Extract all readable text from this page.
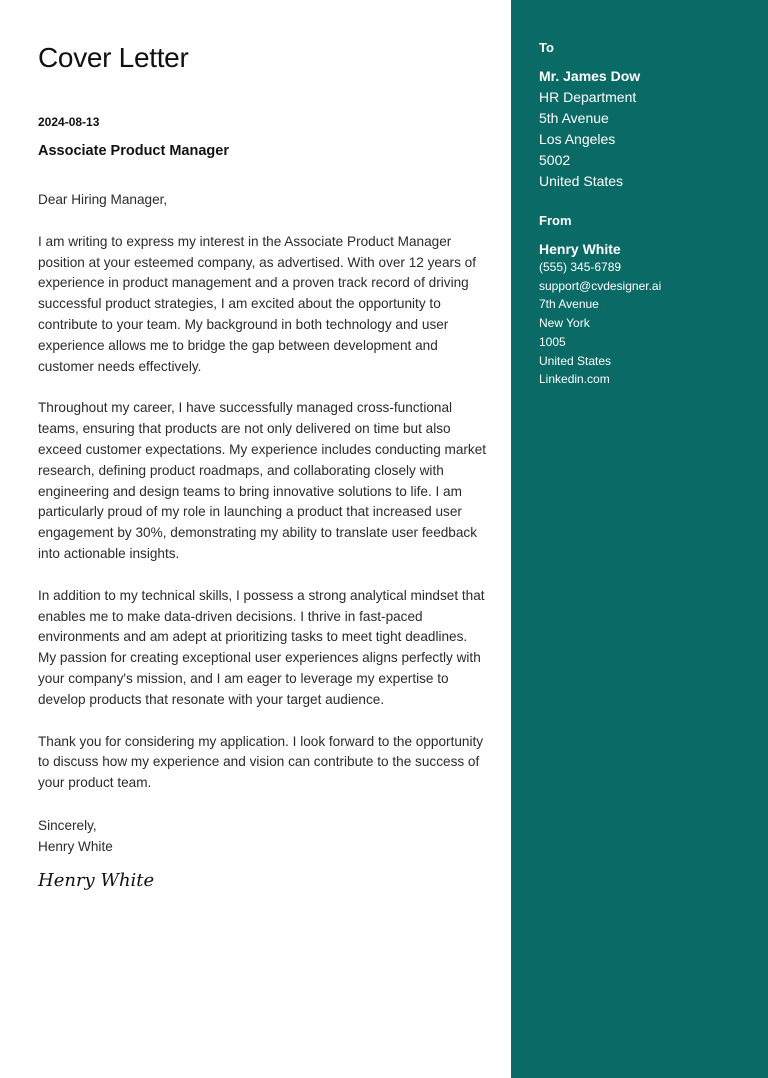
Cover Letter
2024-08-13
Associate Product Manager

Dear Hiring Manager,

I am writing to express my interest in the Associate Product Manager position at your esteemed company, as advertised. With over 12 years of experience in product management and a proven track record of driving successful product strategies, I am excited about the opportunity to contribute to your team. My background in both technology and user experience allows me to bridge the gap between development and customer needs effectively.

Throughout my career, I have successfully managed cross-functional teams, ensuring that products are not only delivered on time but also exceed customer expectations. My experience includes conducting market research, defining product roadmaps, and collaborating closely with engineering and design teams to bring innovative solutions to life. I am particularly proud of my role in launching a product that increased user engagement by 30%, demonstrating my ability to translate user feedback into actionable insights.

In addition to my technical skills, I possess a strong analytical mindset that enables me to make data-driven decisions. I thrive in fast-paced environments and am adept at prioritizing tasks to meet tight deadlines. My passion for creating exceptional user experiences aligns perfectly with your company's mission, and I am eager to leverage my expertise to develop products that resonate with your target audience.

Thank you for considering my application. I look forward to the opportunity to discuss how my experience and vision can contribute to the success of your product team.

Sincerely,
Henry White
Henry White
To
Mr. James Dow
HR Department
5th Avenue
Los Angeles
5002
United States
From
Henry White
(555) 345-6789
support@cvdesigner.ai
7th Avenue
New York
1005
United States
Linkedin.com
